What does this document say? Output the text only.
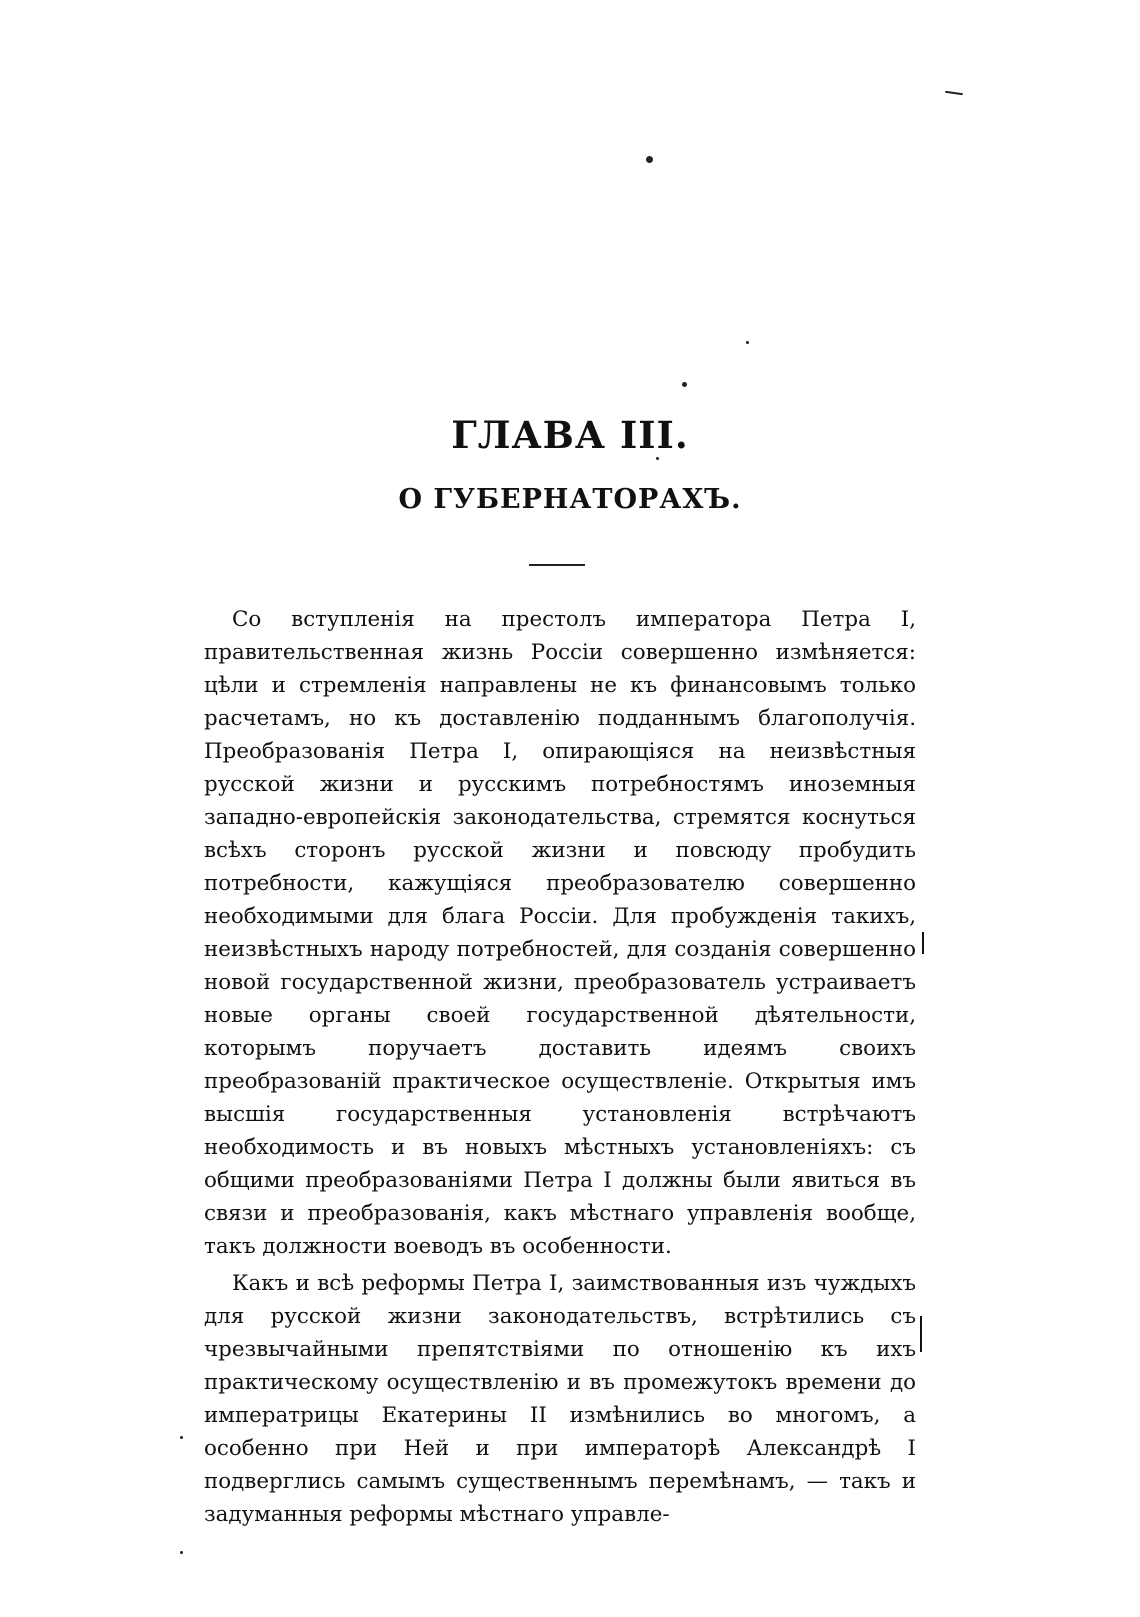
ГЛАВА III.
О ГУБЕРНАТОРАХЪ.

Со вступленія на престолъ императора Петра I, правительственная жизнь Россіи совершенно измѣняется: цѣли и стремленія направлены не къ финансовымъ только расчетамъ, но къ доставленію подданнымъ благополучія. Преобразованія Петра I, опирающіяся на неизвѣстныя русской жизни и русскимъ потребностямъ иноземныя западно-европейскія законодательства, стремятся коснуться всѣхъ сторонъ русской жизни и повсюду пробудить потребности, кажущіяся преобразователю совершенно необходимыми для блага Россіи. Для пробужденія такихъ, неизвѣстныхъ народу потребностей, для созданія совершенно новой государственной жизни, преобразователь устраиваетъ новые органы своей государственной дѣятельности, которымъ поручаетъ доставить идеямъ своихъ преобразованій практическое осуществленіе. Открытыя имъ высшія государственныя установленія встрѣчаютъ необходимость и въ новыхъ мѣстныхъ установленіяхъ: съ общими преобразованіями Петра I должны были явиться въ связи и преобразованія, какъ мѣстнаго управленія вообще, такъ должности воеводъ въ особенности.

Какъ и всѣ реформы Петра I, заимствованныя изъ чуждыхъ для русской жизни законодательствъ, встрѣтились съ чрезвычайными препятствіями по отношенію къ ихъ практическому осуществленію и въ промежутокъ времени до императрицы Екатерины II измѣнились во многомъ, а особенно при Ней и при императорѣ Александрѣ I подверглись самымъ существеннымъ перемѣнамъ, — такъ и задуманныя реформы мѣстнаго управле-
